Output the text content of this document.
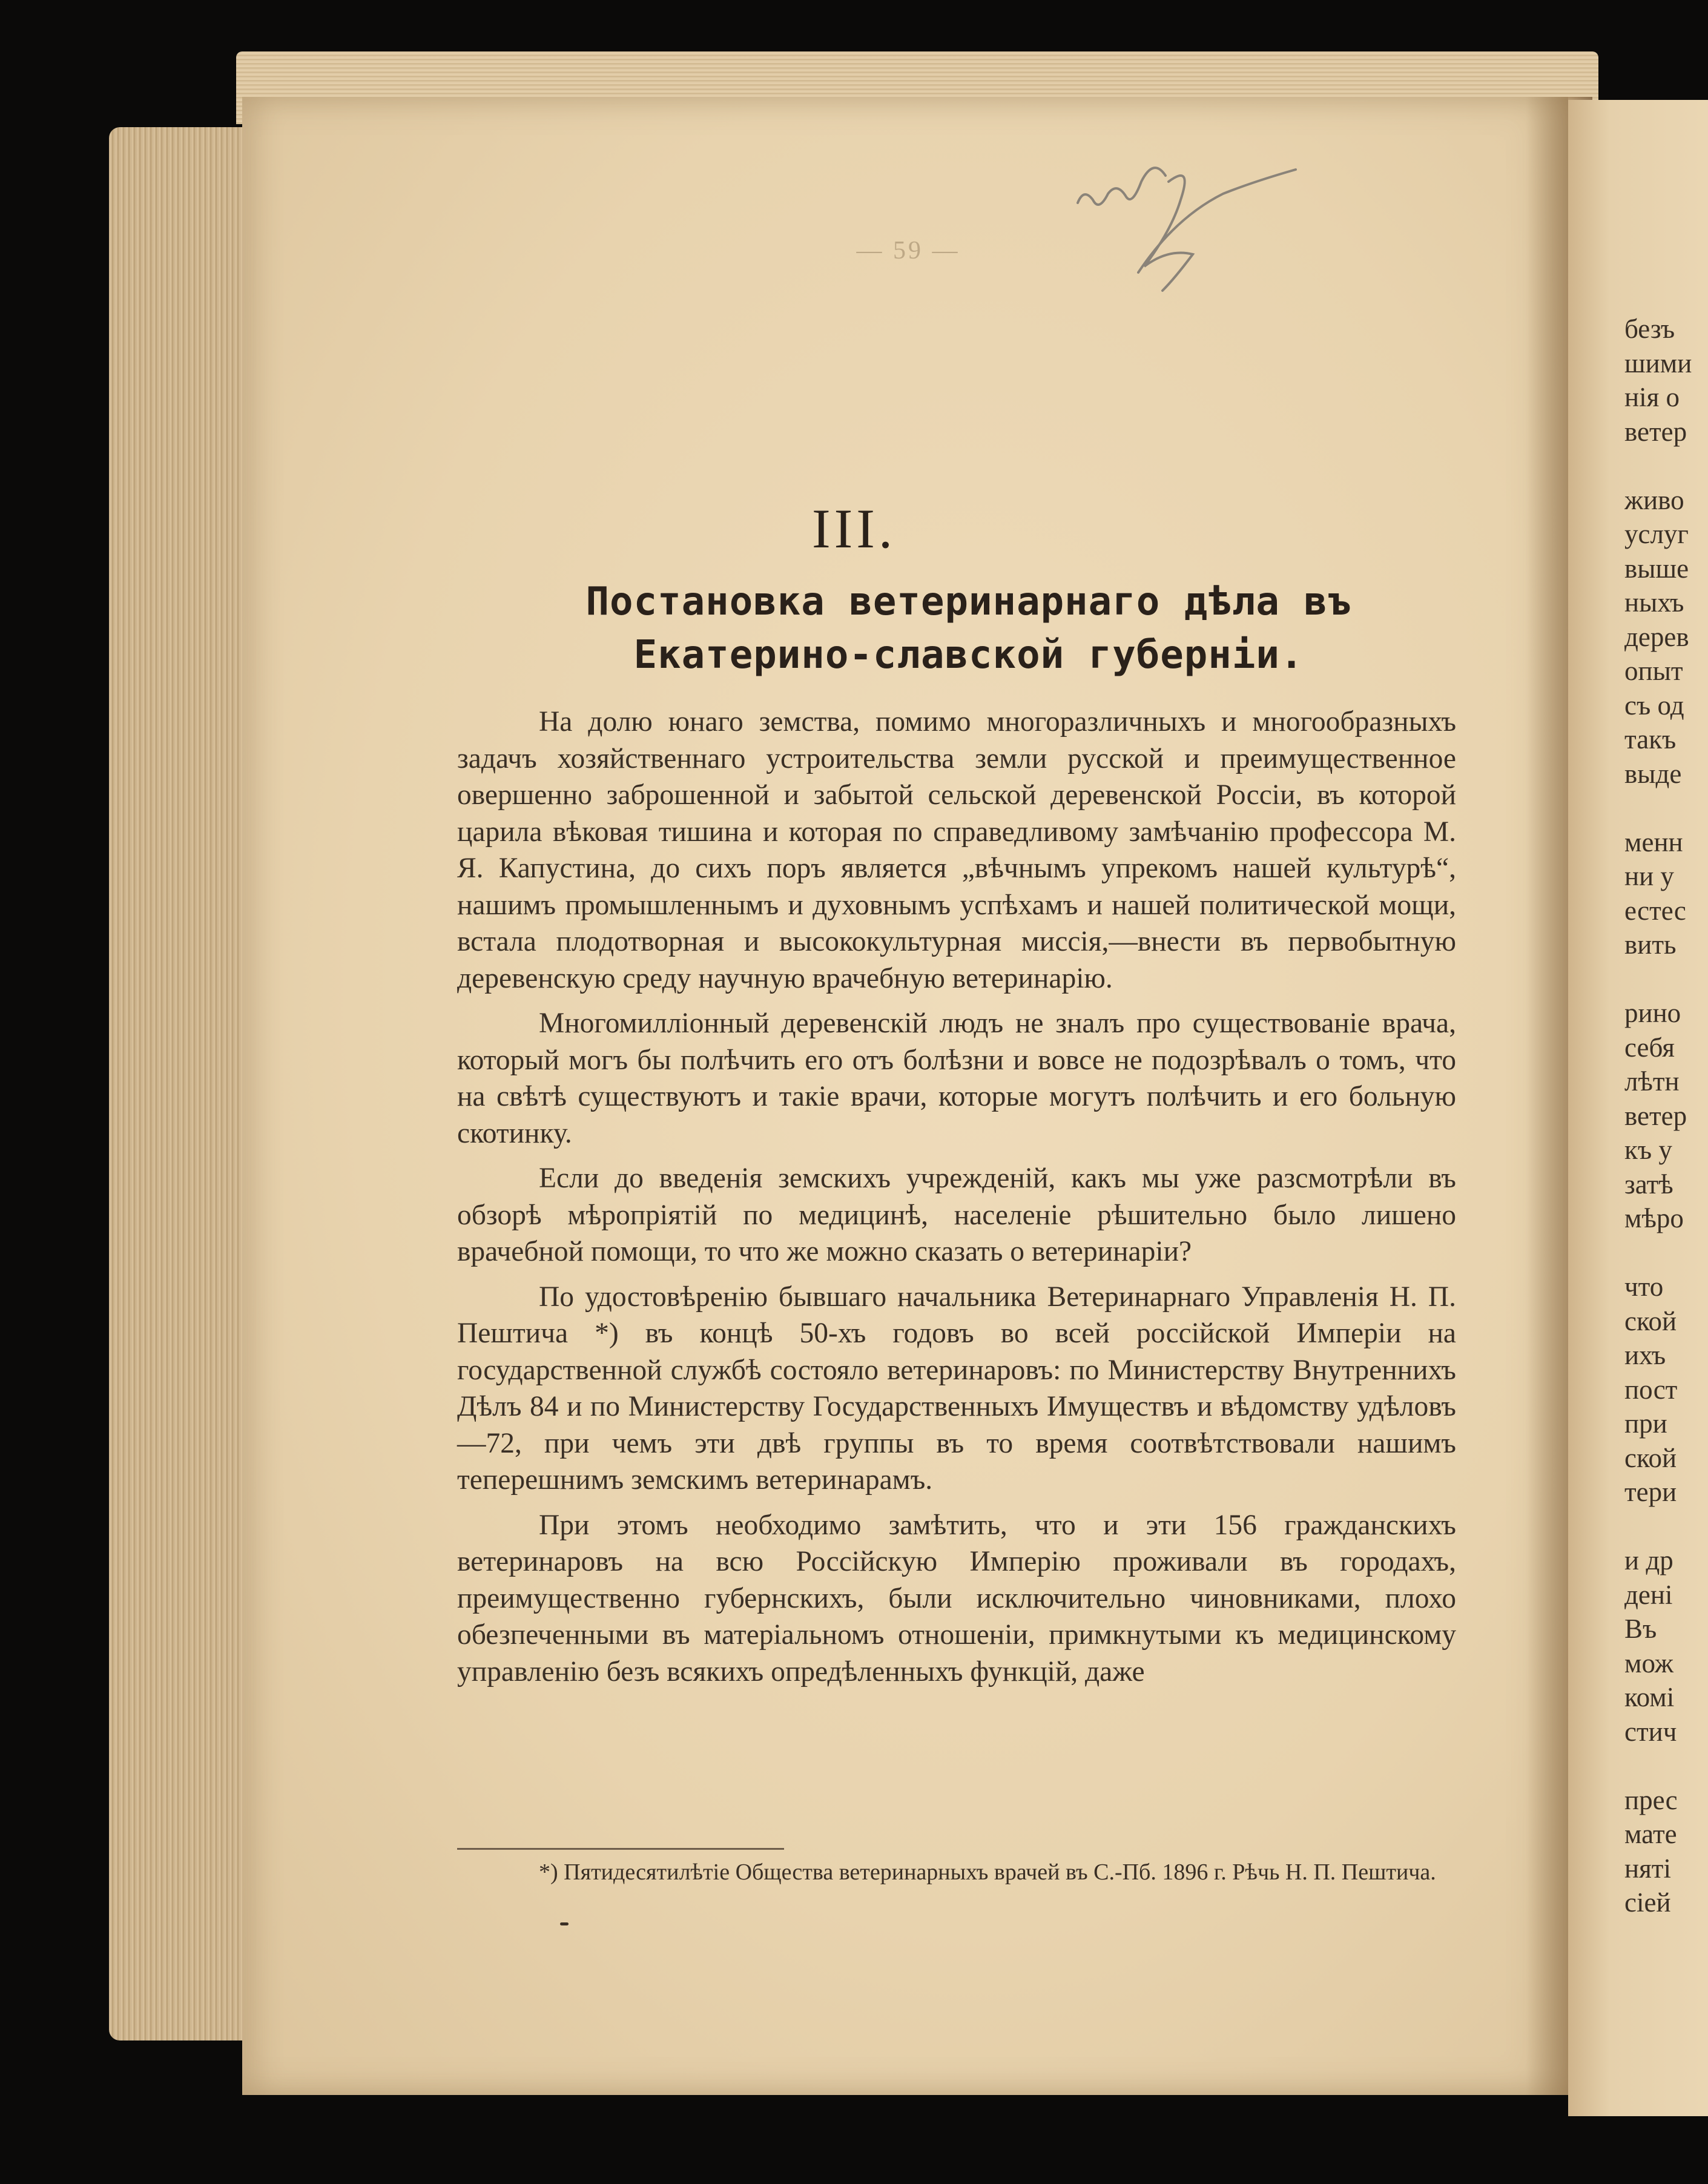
— 59 —
III.
Постановка ветеринарнаго дѣла въ Екатерино-славской губерніи.

На долю юнаго земства, помимо многоразличныхъ и многообразныхъ задачъ хозяйственнаго устроительства земли русской и преимущественное овершенно заброшенной и забытой сельской деревенской Россіи, въ которой царила вѣковая тишина и которая по справедливому замѣчанію профессора М. Я. Капустина, до сихъ поръ является „вѣчнымъ упрекомъ нашей культурѣ“, нашимъ промышленнымъ и духовнымъ успѣхамъ и нашей политической мощи, встала плодотворная и высококультурная миссія,—внести въ первобытную деревенскую среду научную врачебную ветеринарію.

Многомилліонный деревенскій людъ не зналъ про существованіе врача, который могъ бы полѣчить его отъ болѣзни и вовсе не подозрѣвалъ о томъ, что на свѣтѣ существуютъ и такіе врачи, которые могутъ полѣчить и его больную скотинку.

Если до введенія земскихъ учрежденій, какъ мы уже разсмотрѣли въ обзорѣ мѣропріятій по медицинѣ, населеніе рѣшительно было лишено врачебной помощи, то что же можно сказать о ветеринаріи?

По удостовѣренію бывшаго начальника Ветеринарнаго Управленія Н. П. Пештича *) въ концѣ 50-хъ годовъ во всей россійской Имперіи на государственной службѣ состояло ветеринаровъ: по Министерству Внутреннихъ Дѣлъ 84 и по Министерству Государственныхъ Имуществъ и вѣдомству удѣловъ—72, при чемъ эти двѣ группы въ то время соотвѣтствовали нашимъ теперешнимъ земскимъ ветеринарамъ.

При этомъ необходимо замѣтить, что и эти 156 гражданскихъ ветеринаровъ на всю Россійскую Имперію проживали въ городахъ, преимущественно губернскихъ, были исключительно чиновниками, плохо обезпеченными въ матеріальномъ отношеніи, примкнутыми къ медицинскому управленію безъ всякихъ опредѣленныхъ функцій, даже

*) Пятидесятилѣтіе Общества ветеринарныхъ врачей въ С.-Пб. 1896 г. Рѣчь Н. П. Пештича.

безъ
шими
нія о
ветер
живо
услуг
выше
ныхъ
дерев
опыт
съ од
такъ
выде
менн
ни у
естес
вить
рино
себя
лѣтн
ветер
къ у
затѣ
мѣро
что
ской
ихъ
пост
при
ской
тери
и др
дені
Въ
мож
комі
стич
прес
мате
няті
сіей
